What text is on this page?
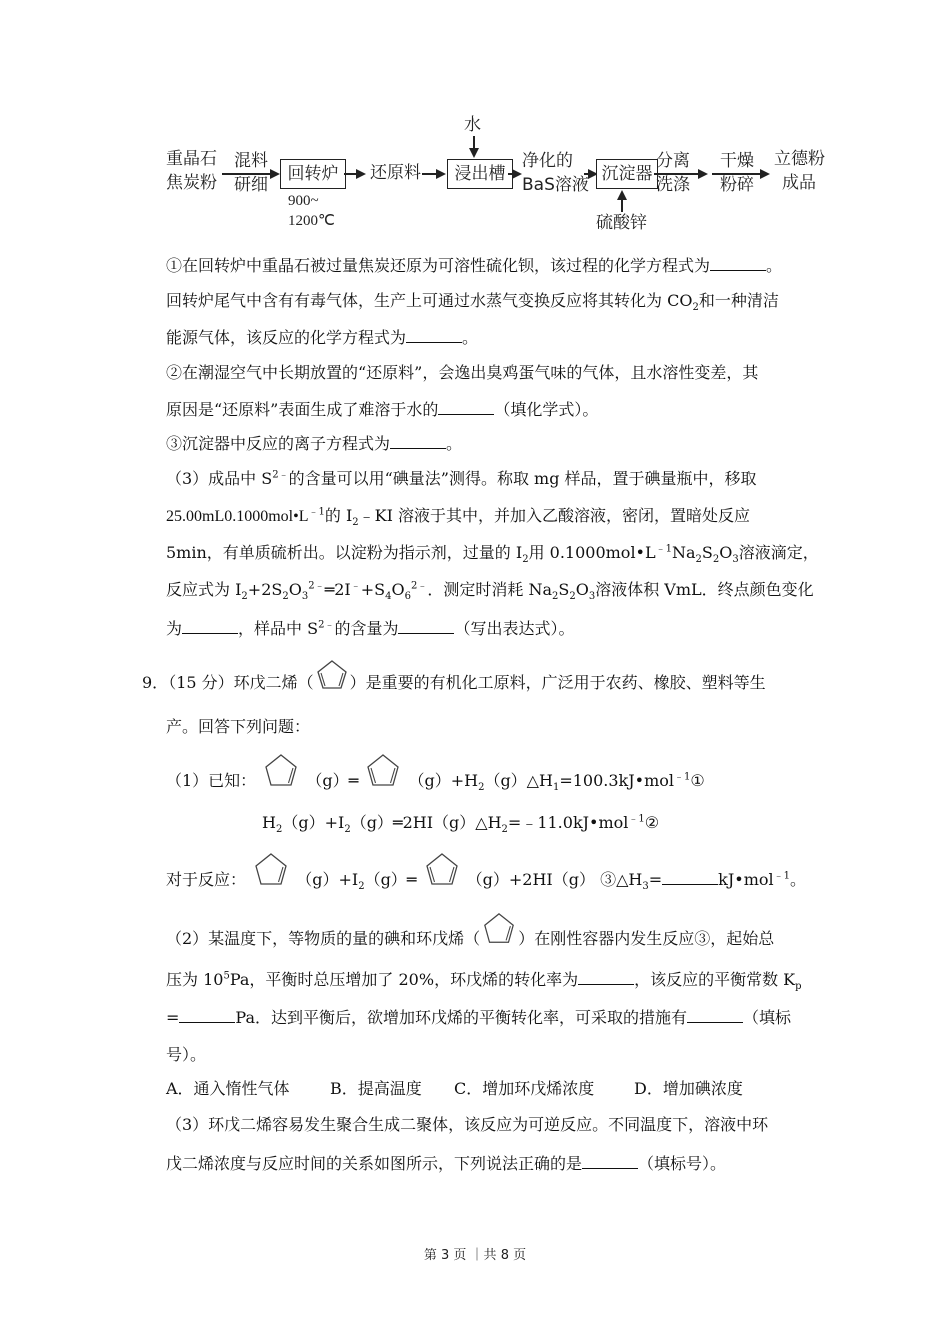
重晶石
焦炭粉
混料
研细
回转炉
900~
1200℃
还原料
水
浸出槽
净化的
BaS溶液
沉淀器
硫酸锌
分离
洗涤
干燥
粉碎
立德粉
成品
①在回转炉中重晶石被过量焦炭还原为可溶性硫化钡，该过程的化学方程式为	。
回转炉尾气中含有有毒气体，生产上可通过水蒸气变换反应将其转化为 $CO_2$和一种清洁
能源气体，该反应的化学方程式为	。
②在潮湿空气中长期放置的“还原料”，会逸出臭鸡蛋气味的气体，且水溶性变差，其
原因是“还原料”表面生成了难溶于水的	（填化学式）。
③沉淀器中反应的离子方程式为	。
（3）成品中 $S^{2﹣}$的含量可以用“碘量法”测得。称取 mg 样品，置于碘量瓶中，移取
$25.00mL0.1000mol•L^{﹣1}$的 $I_2﹣KI$ 溶液于其中，并加入乙酸溶液，密闭，置暗处反应
5min，有单质硫析出。以淀粉为指示剂，过量的 $I_2$用 $0.1000mol•L^{﹣1}Na_2S_2O_3$溶液滴定，
反应式为 $I_2+2S_2O_3^{2﹣}═2I^﹣+S_4O_6^{2﹣}$．测定时消耗 $Na_2S_2O_3$溶液体积 VmL．终点颜色变化
为	，样品中 $S^{2﹣}$的含量为	（写出表达式）。
9．（15 分）环戊二烯（ ）是重要的有机化工原料，广泛用于农药、橡胶、塑料等生
产。回答下列问题：
（1）已知：	（g）═	$(g)+H_2(g)\triangle H_1=100.3kJ•mol^{﹣1}①$
$H_2(g)+I_2(g)═2HI(g)\triangle H_2=﹣11.0kJ•mol^{﹣1}②$
对于反应：	$(g)+I_2(g)═$	（g）+2HI（g） $③\triangle H_3=$	kJ•mol$^{﹣1}$。
（2）某温度下，等物质的量的碘和环戊烯（ ）在刚性容器内发生反应③，起始总
压为 $10^5Pa$，平衡时总压增加了 20%，环戊烯的转化率为	，该反应的平衡常数 $K_p$
=	Pa．达到平衡后，欲增加环戊烯的平衡转化率，可采取的措施有	（填标
号）。
A．通入惰性气体	B．提高温度 C．增加环戊烯浓度 D．增加碘浓度
（3）环戊二烯容易发生聚合生成二聚体，该反应为可逆反应。不同温度下，溶液中环
戊二烯浓度与反应时间的关系如图所示，下列说法正确的是	（填标号）。
第 3 页 ｜共 8 页
